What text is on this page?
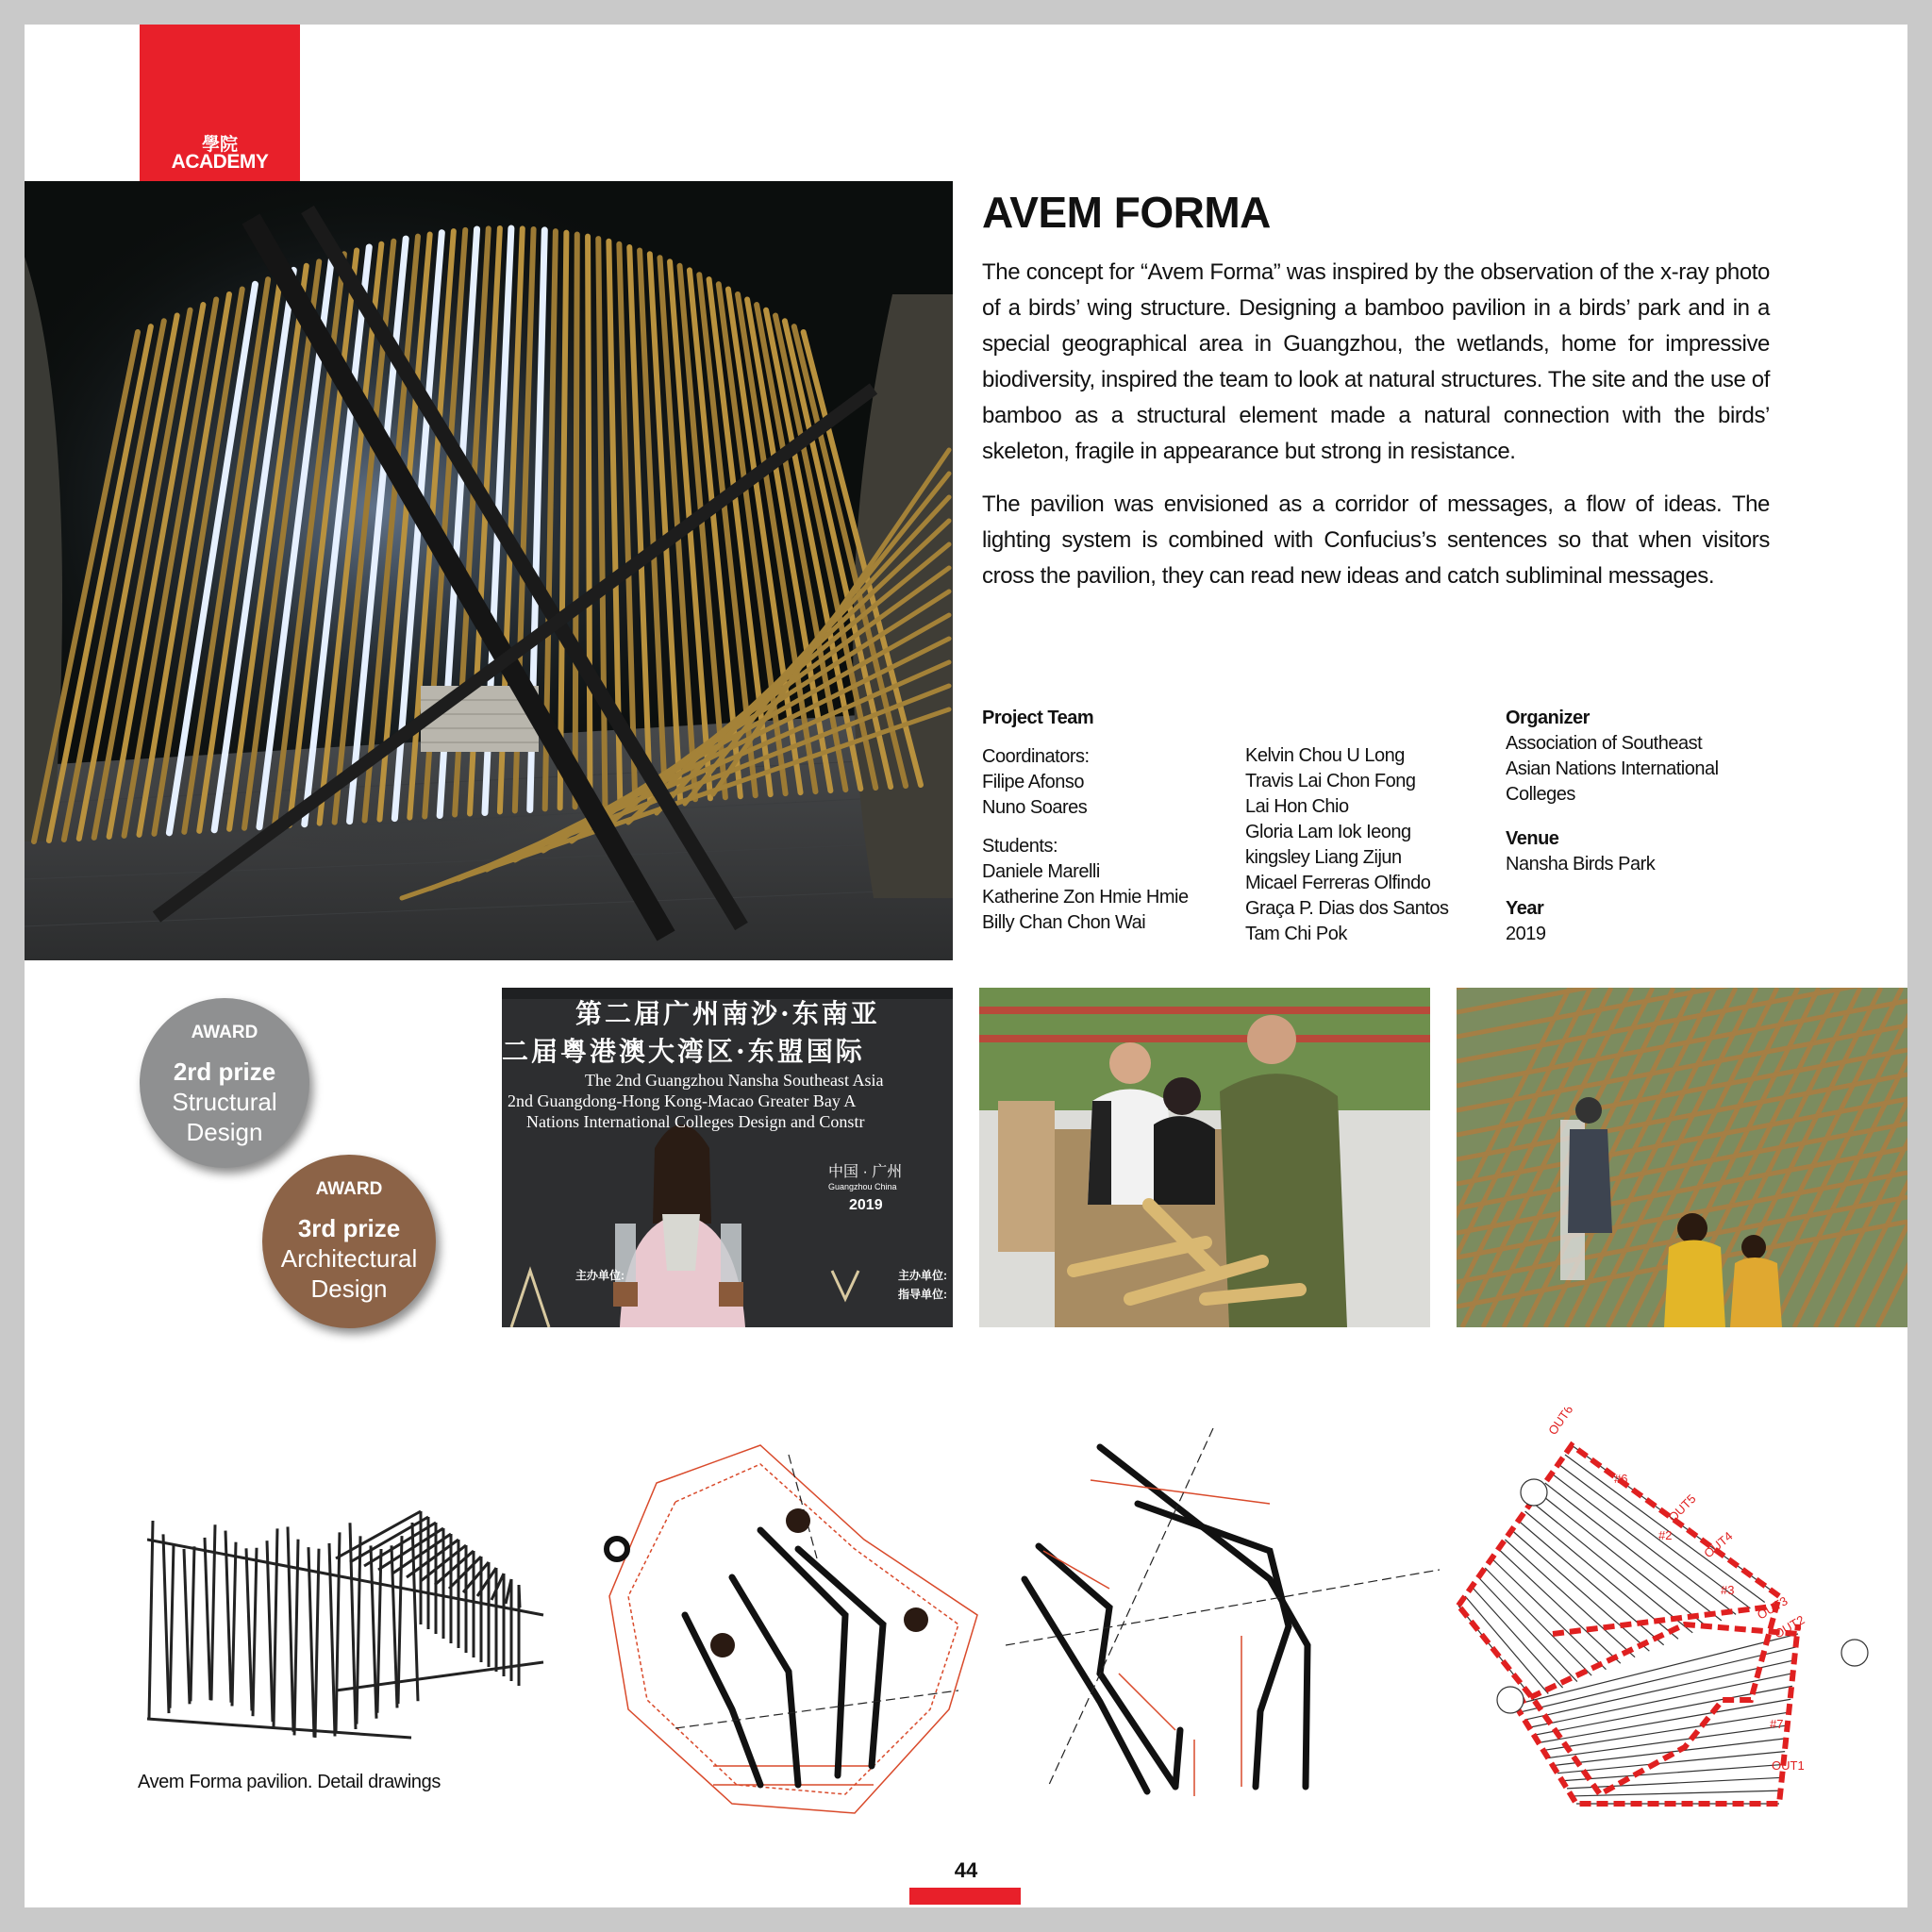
學院
ACADEMY
AVEM FORMA

The concept for “Avem Forma” was inspired by the observation of the x-ray photo of a birds’ wing structure. Designing a bamboo pavilion in a birds’ park and in a special geographical area in Guangzhou, the wetlands, home for impressive biodiversity, inspired the team to look at natural structures. The site and the use of bamboo as a structural element made a natural connection with the birds’ skeleton, fragile in appearance but strong in resistance.

The pavilion was envisioned as a corridor of messages, a flow of ideas. The lighting system is combined with Confucius’s sentences so that when visitors cross the pavilion, they can read new ideas and catch subliminal messages.

Project Team
Coordinators:
Filipe Afonso
Nuno Soares
Students:
Daniele Marelli
Katherine Zon Hmie Hmie
Billy Chan Chon Wai
Kelvin Chou U Long
Travis Lai Chon Fong
Lai Hon Chio
Gloria Lam Iok Ieong
kingsley Liang Zijun
Micael Ferreras Olfindo
Graça P. Dias dos Santos
Tam Chi Pok
Organizer
Association of Southeast
Asian Nations International
Colleges
Venue
Nansha Birds Park
Year
2019
AWARD
2rd prize
Structural
Design
AWARD
3rd prize
Architectural
Design
第二届广州南沙·东南亚
二届粤港澳大湾区·东盟国际
The 2nd Guangzhou Nansha Southeast Asia
2nd Guangdong-Hong Kong-Macao Greater Bay A
Nations International Colleges Design and Constr
中国 · 广州
Guangzhou China
2019
主办单位:	主办单位:
指导单位:
OUT6
OUT5
OUT4
OUT3
OUT2
OUT1
#6
#2
#3
#7
Avem Forma pavilion. Detail drawings
44
